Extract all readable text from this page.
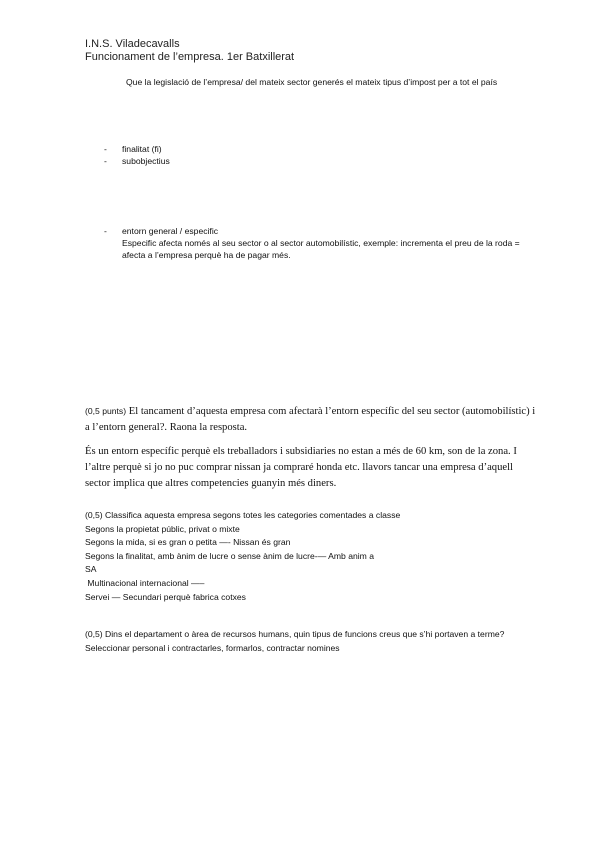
I.N.S. Viladecavalls

Funcionament de l’empresa. 1er Batxillerat

Que la legislació de l’empresa/ del mateix sector generés el mateix tipus d’impost per a tot el país
-	finalitat (fi)
-	subobjectius
-	entorn general / especific

Especific afecta només al seu sector o al sector automobilístic, exemple: incrementa el preu de la roda = afecta a l’empresa perquè ha de pagar més.

(0,5 punts) El tancament d’aquesta empresa com afectarà l’entorn específic del seu sector (automobilístic) i a l’entorn general?. Raona la resposta.

És un entorn específic perquè els treballadors i subsidiaries no estan a més de 60 km, son de la zona. I l’altre perquè si jo no puc comprar nissan ja compraré honda etc. llavors tancar una empresa d’aquell sector implica que altres competencies guanyin més diners.

(0,5) Classifica aquesta empresa segons totes les categories comentades a classe

Segons la propietat públic, privat o mixte

Segons la mida, si es gran o petita —- Nissan és gran

Segons la finalitat, amb ànim de lucre o sense ànim de lucre-— Amb anim a

SA

Multinacional internacional —–

Servei — Secundari perquè fabrica cotxes

(0,5) Dins el departament o àrea de recursos humans, quin tipus de funcions creus que s’hi portaven a terme?

Seleccionar personal i contractarles, formarlos, contractar nomines
